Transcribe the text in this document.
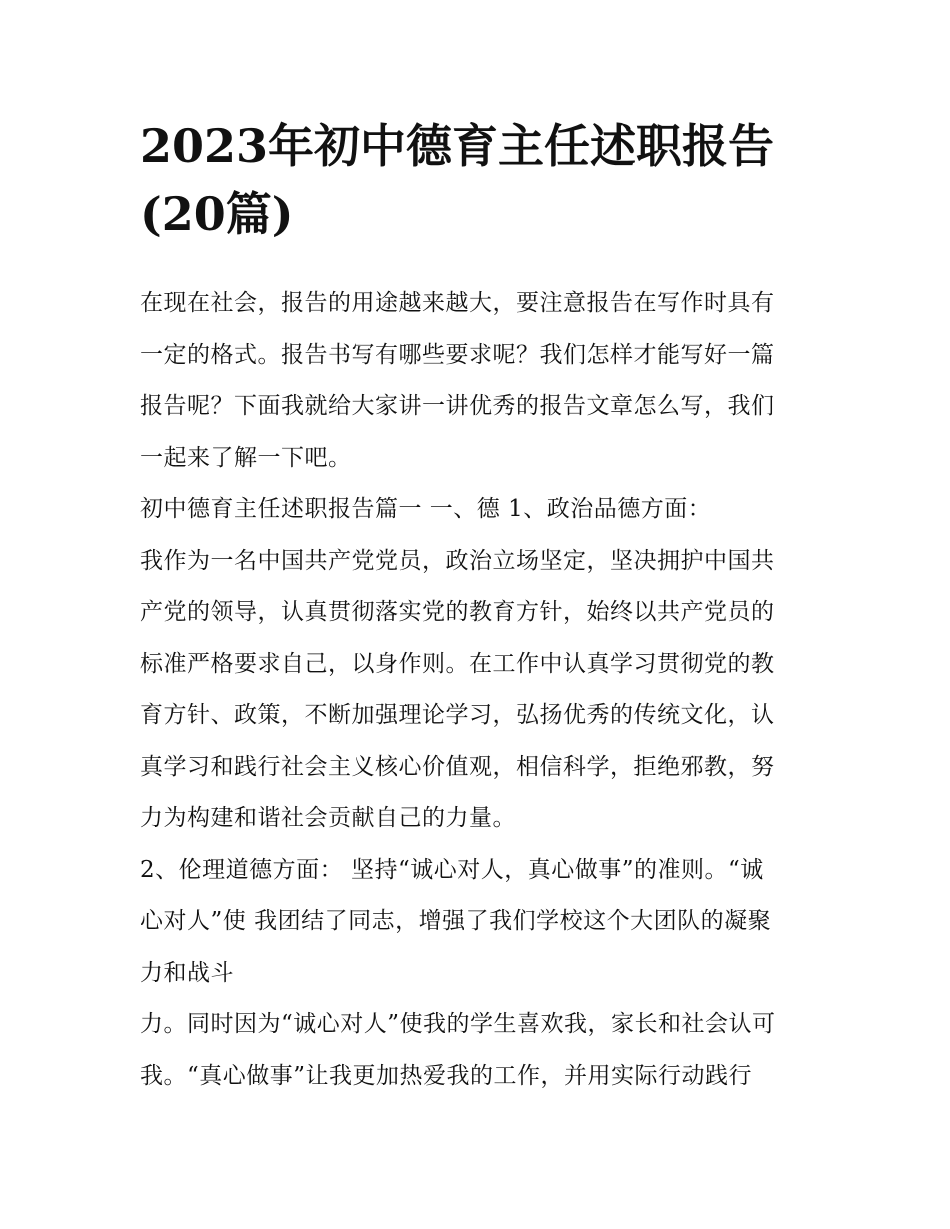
2023年初中德育主任述职报告
(20篇)

在现在社会，报告的用途越来越大，要注意报告在写作时具有
一定的格式。报告书写有哪些要求呢？我们怎样才能写好一篇
报告呢？下面我就给大家讲一讲优秀的报告文章怎么写，我们
一起来了解一下吧。

初中德育主任述职报告篇一 一、德 1、政治品德方面：

我作为一名中国共产党党员，政治立场坚定，坚决拥护中国共
产党的领导，认真贯彻落实党的教育方针，始终以共产党员的
标准严格要求自己，以身作则。在工作中认真学习贯彻党的教
育方针、政策，不断加强理论学习，弘扬优秀的传统文化，认
真学习和践行社会主义核心价值观，相信科学，拒绝邪教，努
力为构建和谐社会贡献自己的力量。

2、伦理道德方面： 坚持“诚心对人，真心做事”的准则。“诚
心对人”使 我团结了同志，增强了我们学校这个大团队的凝聚
力和战斗

力。同时因为“诚心对人”使我的学生喜欢我，家长和社会认可
我。“真心做事”让我更加热爱我的工作，并用实际行动践行
